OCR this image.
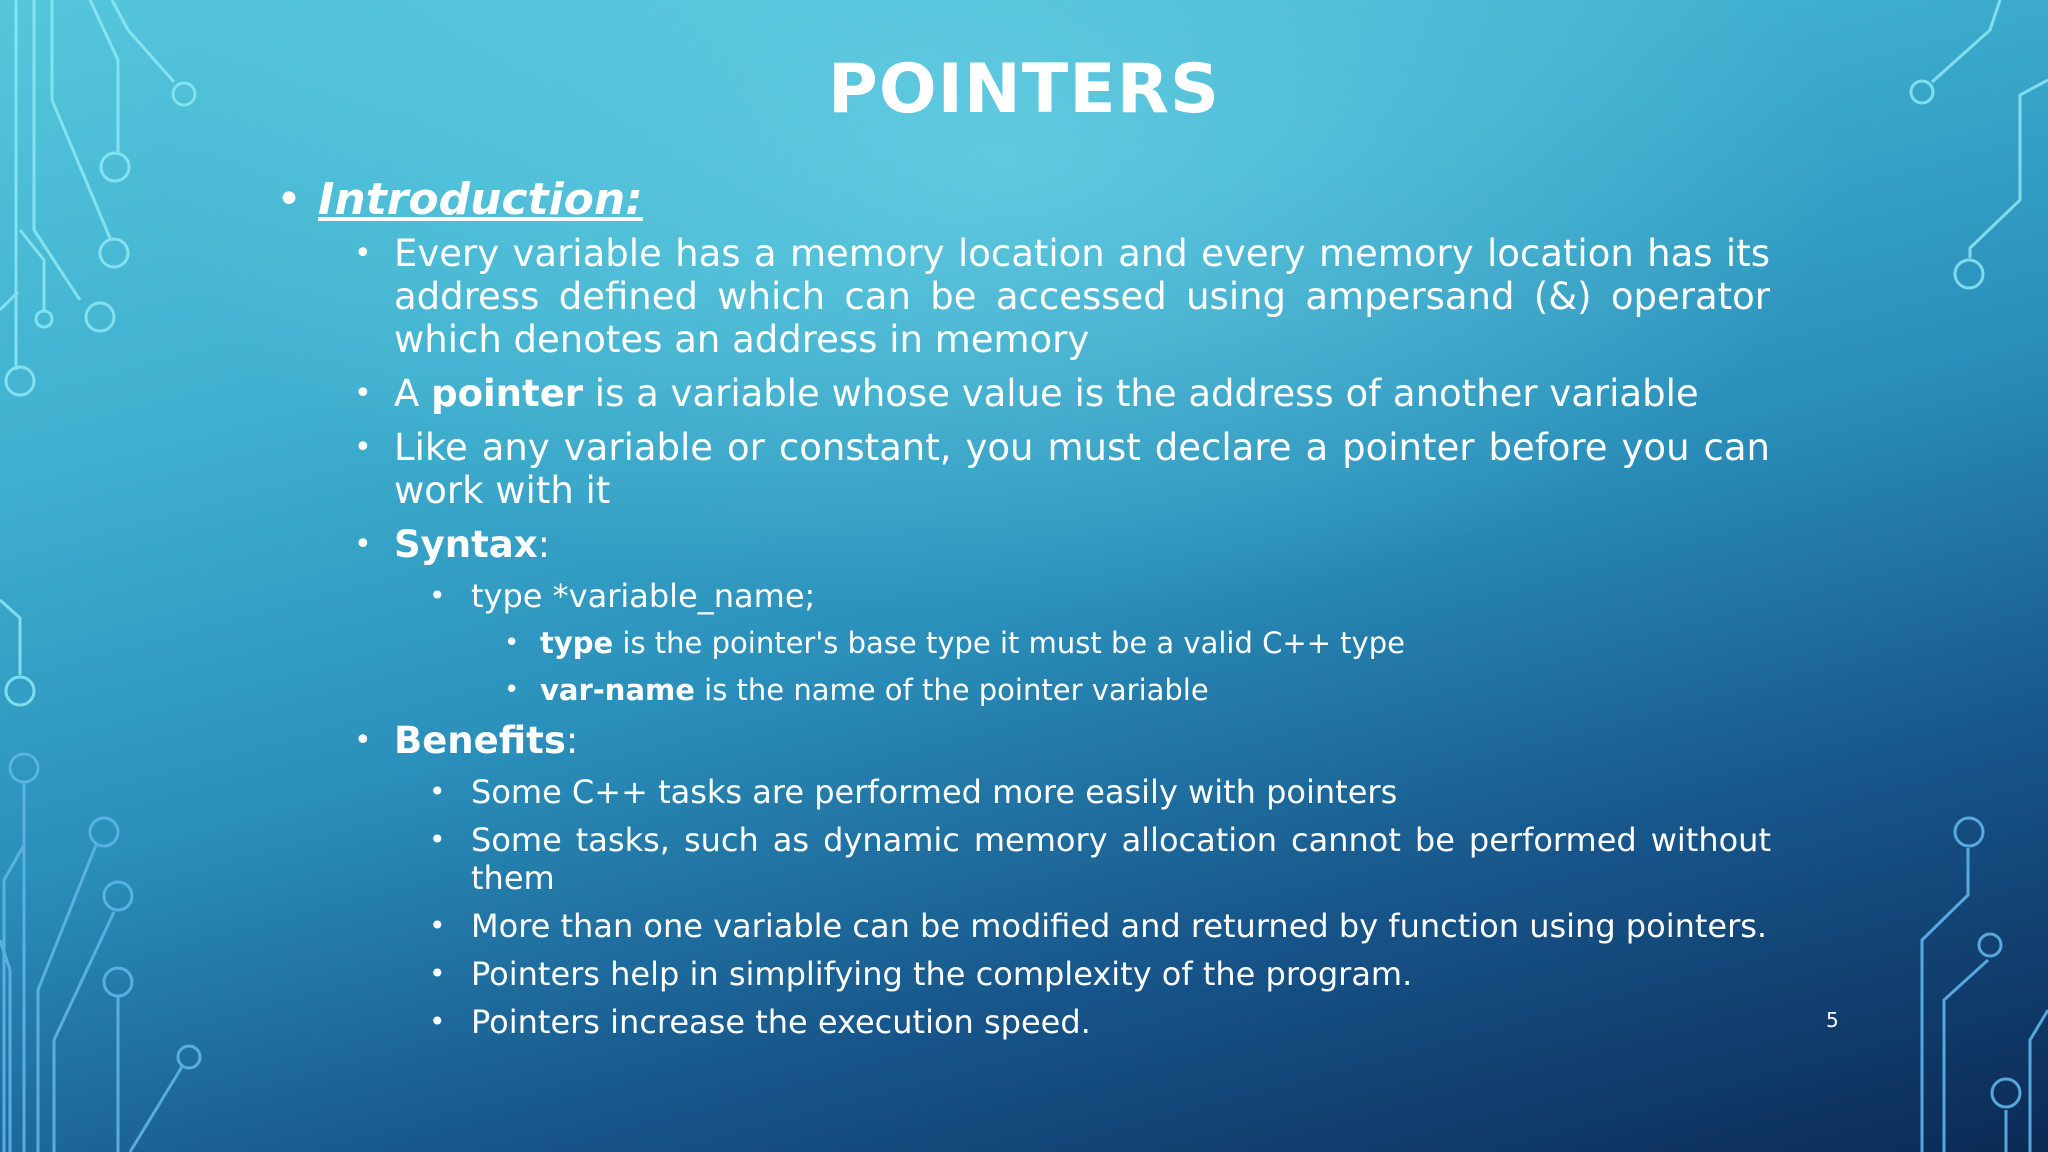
POINTERS
• Introduction:
• Every variable has a memory location and every memory location has its address defined which can be accessed using ampersand (&) operator which denotes an address in memory
• A pointer is a variable whose value is the address of another variable
• Like any variable or constant, you must declare a pointer before you can work with it
• Syntax:
• type *variable_name;
• type is the pointer's base type it must be a valid C++ type
• var-name is the name of the pointer variable
• Benefits:
• Some C++ tasks are performed more easily with pointers
• Some tasks, such as dynamic memory allocation cannot be performed without them
• More than one variable can be modified and returned by function using pointers.
• Pointers help in simplifying the complexity of the program.
• Pointers increase the execution speed.	5
